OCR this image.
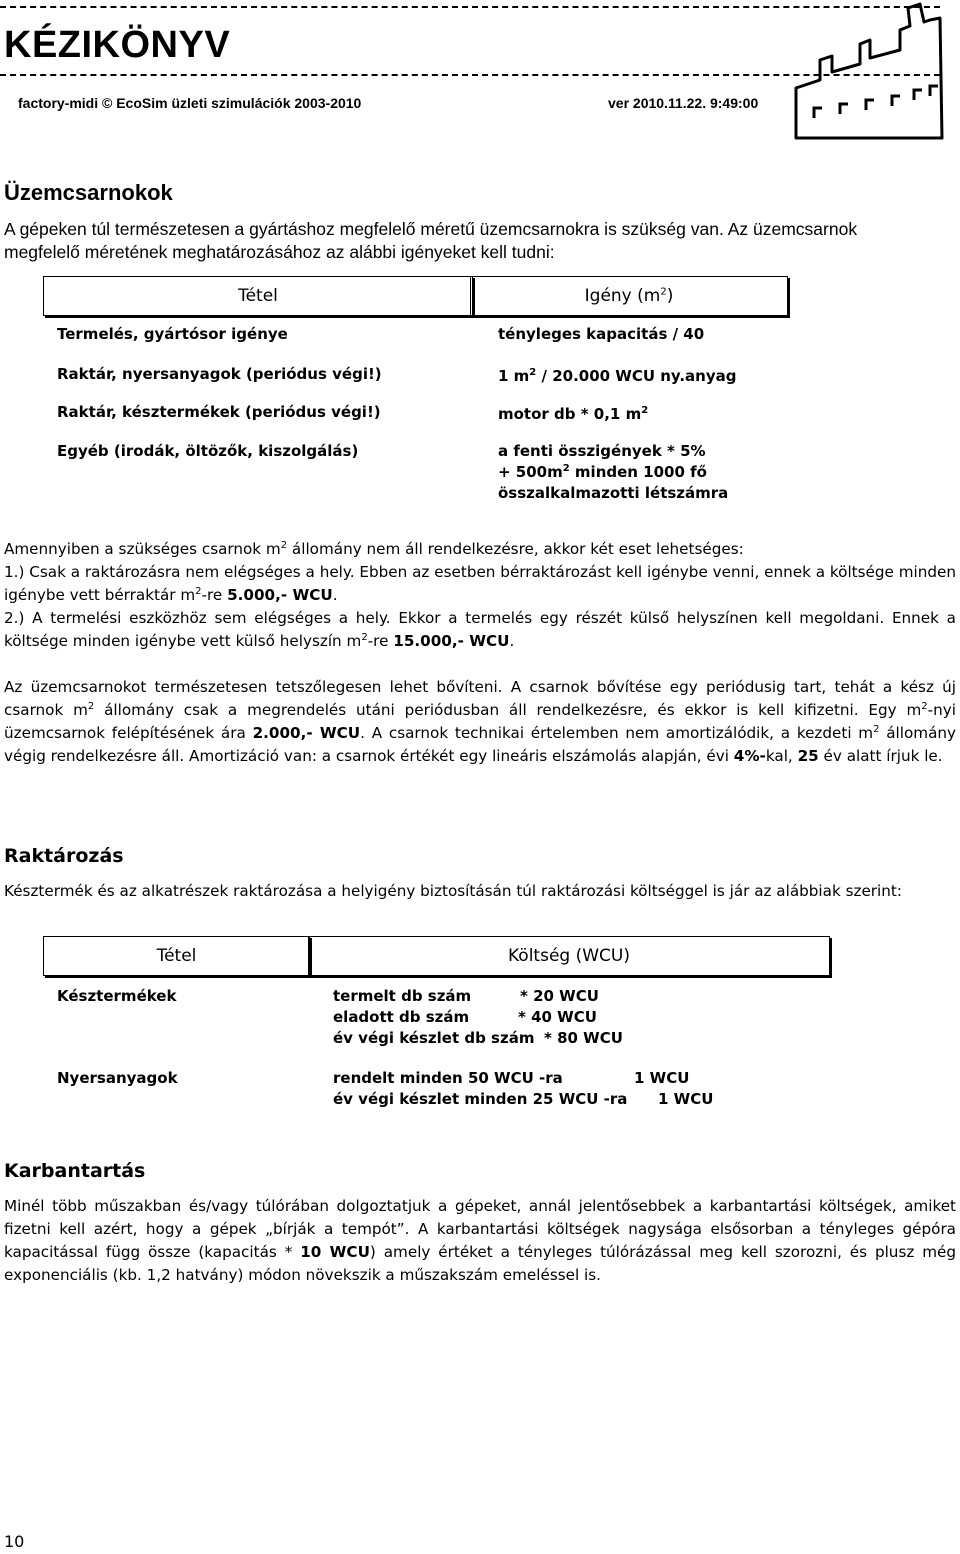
KÉZIKÖNYV
factory-midi © EcoSim üzleti szimulációk 2003-2010	ver 2010.11.22. 9:49:00
Üzemcsarnokok
A gépeken túl természetesen a gyártáshoz megfelelő méretű üzemcsarnokra is szükség van. Az üzemcsarnok
megfelelő méretének meghatározásához az alábbi igényeket kell tudni:
Tétel	Igény $(m^2)$
Termelés, gyártósor igénye	tényleges kapacitás / 40
Raktár, nyersanyagok (periódus végi!)	1 $m^2 / 20.000$ WCU ny.anyag
Raktár, késztermékek (periódus végi!)	motor db * 0,1 $m^2$
Egyéb (irodák, öltözők, kiszolgálás)	a fenti összigények * 5%
+ $500m^2$ minden 1000 fő
összalkalmazotti létszámra

Amennyiben a szükséges csarnok $m^2$ állomány nem áll rendelkezésre, akkor két eset lehetséges:

1.) Csak a raktározásra nem elégséges a hely. Ebben az esetben bérraktározást kell igénybe venni, ennek a költsége minden igénybe vett bérraktár $m^2-re$ 5.000,- WCU.

2.) A termelési eszközhöz sem elégséges a hely. Ekkor a termelés egy részét külső helyszínen kell megoldani. Ennek a költsége minden igénybe vett külső helyszín $m^2-re$ 15.000,- WCU.

Az üzemcsarnokot természetesen tetszőlegesen lehet bővíteni. A csarnok bővítése egy periódusig tart, tehát a kész új csarnok $m^2$ állomány csak a megrendelés utáni periódusban áll rendelkezésre, és ekkor is kell kifizetni. Egy $m^2$-nyi üzemcsarnok felépítésének ára 2.000,- WCU. A csarnok technikai értelemben nem amortizálódik, a kezdeti $m^2$ állomány végig rendelkezésre áll. Amortizáció van: a csarnok értékét egy lineáris elszámolás alapján, évi 4%-kal, 25 év alatt írjuk le.

Raktározás
Késztermék és az alkatrészek raktározása a helyigény biztosításán túl raktározási költséggel is jár az alábbiak szerint:
Tétel	Költség (WCU)
Késztermékek	termelt db szám	* 20 WCU
eladott db szám	* 40 WCU
év végi készlet db szám * 80 WCU
Nyersanyagok	rendelt minden 50 WCU -ra	1 WCU
év végi készlet minden 25 WCU -ra 1 WCU
Karbantartás
Minél több műszakban és/vagy túlórában dolgoztatjuk a gépeket, annál jelentősebbek a karbantartási költségek, amiket fizetni kell azért, hogy a gépek „bírják a tempót”. A karbantartási költségek nagysága elsősorban a tényleges gépóra kapacitással függ össze (kapacitás * 10 WCU) amely értéket a tényleges túlórázással meg kell szorozni, és plusz még exponenciális (kb. 1,2 hatvány) módon növekszik a műszakszám emeléssel is.
10
